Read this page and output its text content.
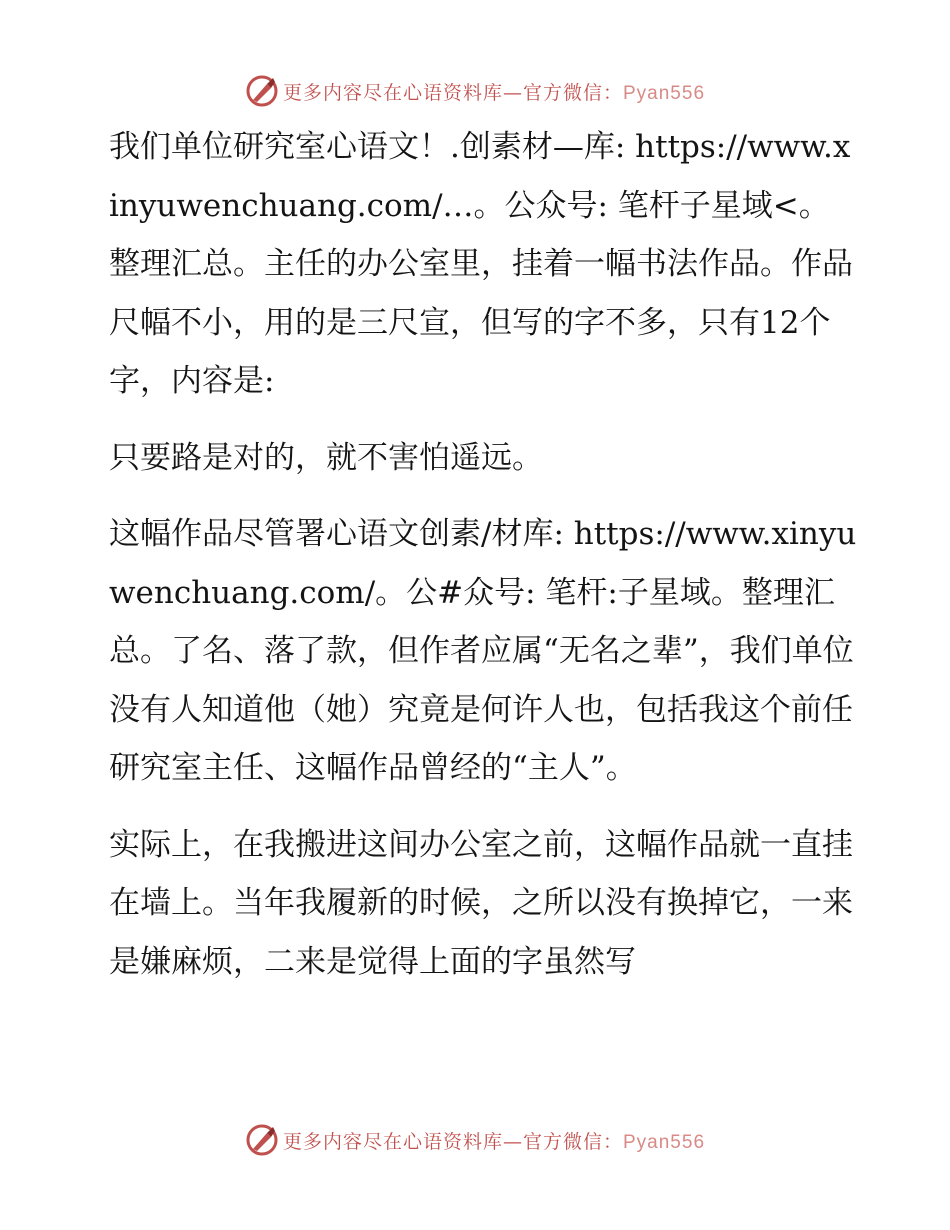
更多内容尽在心语资料库—官方微信：Pyan556

我们单位研究室心语文！.创素材—库: https://www.xinyuwenchuang.com/…。公众号: 笔杆子星域<。整理汇总。主任的办公室里，挂着一幅书法作品。作品尺幅不小，用的是三尺宣，但写的字不多，只有12个字，内容是:

只要路是对的，就不害怕遥远。

这幅作品尽管署心语文创素/材库: https://www.xinyuwenchuang.com/。公#众号: 笔杆:子星域。整理汇总。了名、落了款，但作者应属“无名之辈”，我们单位没有人知道他（她）究竟是何许人也，包括我这个前任研究室主任、这幅作品曾经的“主人”。

实际上，在我搬进这间办公室之前，这幅作品就一直挂在墙上。当年我履新的时候，之所以没有换掉它，一来是嫌麻烦，二来是觉得上面的字虽然写

更多内容尽在心语资料库—官方微信：Pyan556
